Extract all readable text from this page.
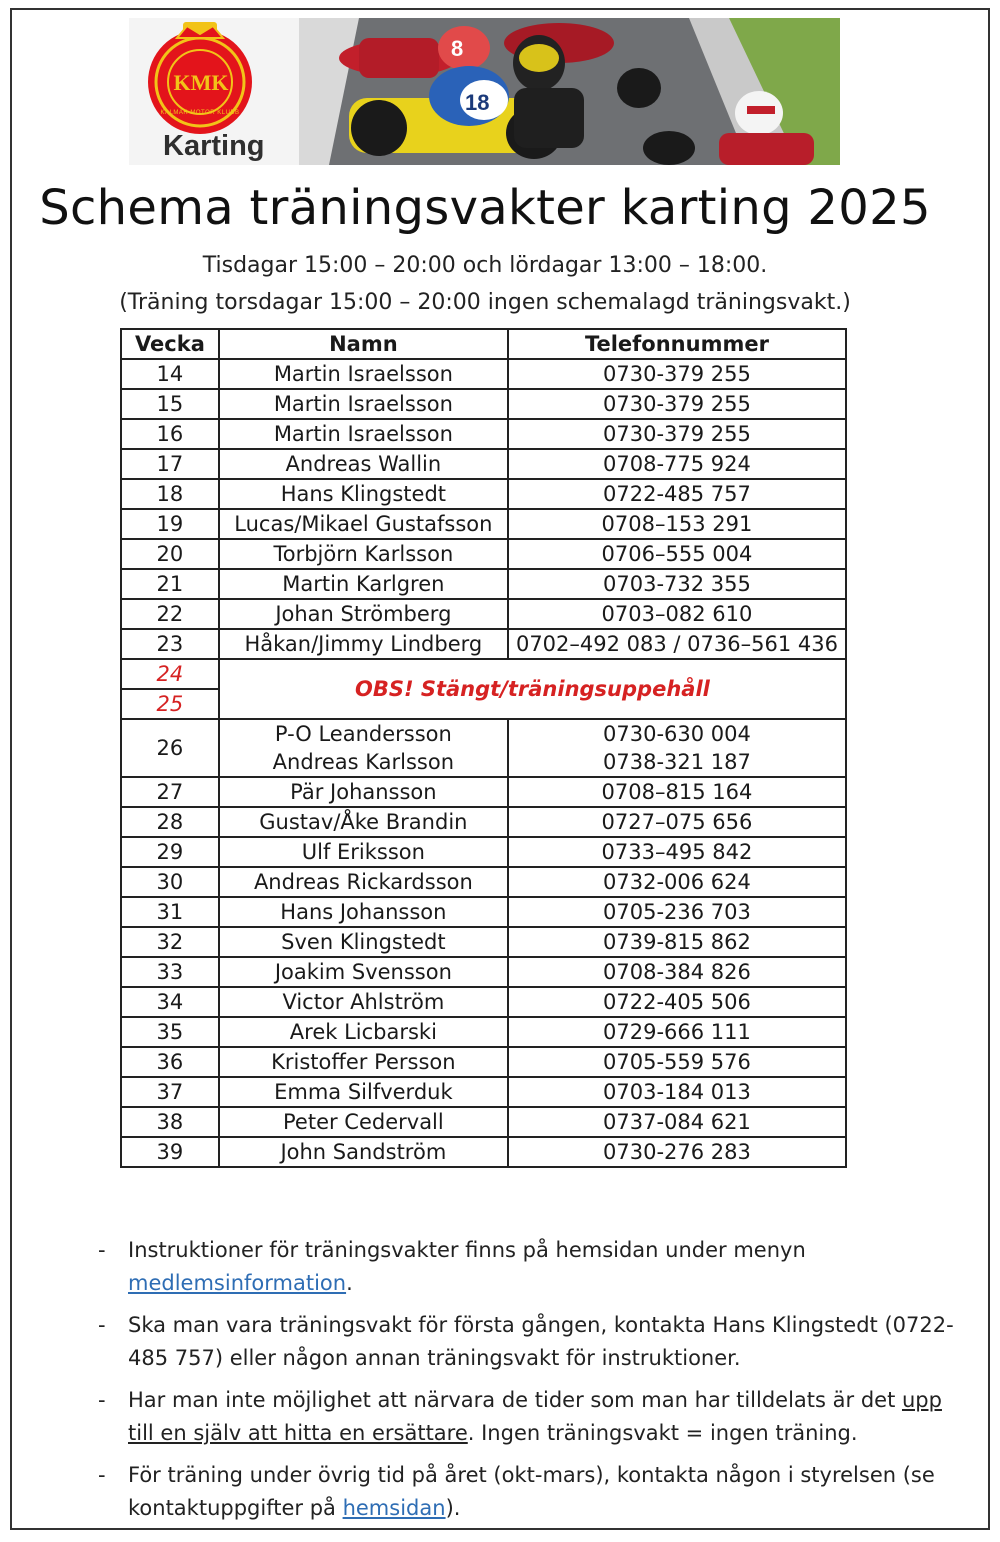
8
18
KMK
KALMAR MOTOR KLUBB
Karting
Schema träningsvakter karting 2025
Tisdagar 15:00 – 20:00 och lördagar 13:00 – 18:00.
(Träning torsdagar 15:00 – 20:00 ingen schemalagd träningsvakt.)
Vecka	Namn	Telefonnummer
14	Martin Israelsson	0730-379 255
15	Martin Israelsson	0730-379 255
16	Martin Israelsson	0730-379 255
17	Andreas Wallin	0708-775 924
18	Hans Klingstedt	0722-485 757
19	Lucas/Mikael Gustafsson	0708–153 291
20	Torbjörn Karlsson	0706–555 004
21	Martin Karlgren	0703-732 355
22	Johan Strömberg	0703–082 610
23	Håkan/Jimmy Lindberg	0702–492 083 / 0736–561 436
24	OBS! Stängt/träningsuppehåll	
25		
26	P-O Leandersson	0730-630 004
	Andreas Karlsson	0738-321 187
27	Pär Johansson	0708–815 164
28	Gustav/Åke Brandin	0727–075 656
29	Ulf Eriksson	0733–495 842
30	Andreas Rickardsson	0732-006 624
31	Hans Johansson	0705-236 703
32	Sven Klingstedt	0739-815 862
33	Joakim Svensson	0708-384 826
34	Victor Ahlström	0722-405 506
35	Arek Licbarski	0729-666 111
36	Kristoffer Persson	0705-559 576
37	Emma Silfverduk	0703-184 013
38	Peter Cedervall	0737-084 621
39	John Sandström	0730-276 283
- Instruktioner för träningsvakter finns på hemsidan under menyn medlemsinformation.
- Ska man vara träningsvakt för första gången, kontakta Hans Klingstedt (0722-485 757) eller någon annan träningsvakt för instruktioner.
- Har man inte möjlighet att närvara de tider som man har tilldelats är det upp till en själv att hitta en ersättare. Ingen träningsvakt = ingen träning.
- För träning under övrig tid på året (okt-mars), kontakta någon i styrelsen (se kontaktuppgifter på hemsidan).
